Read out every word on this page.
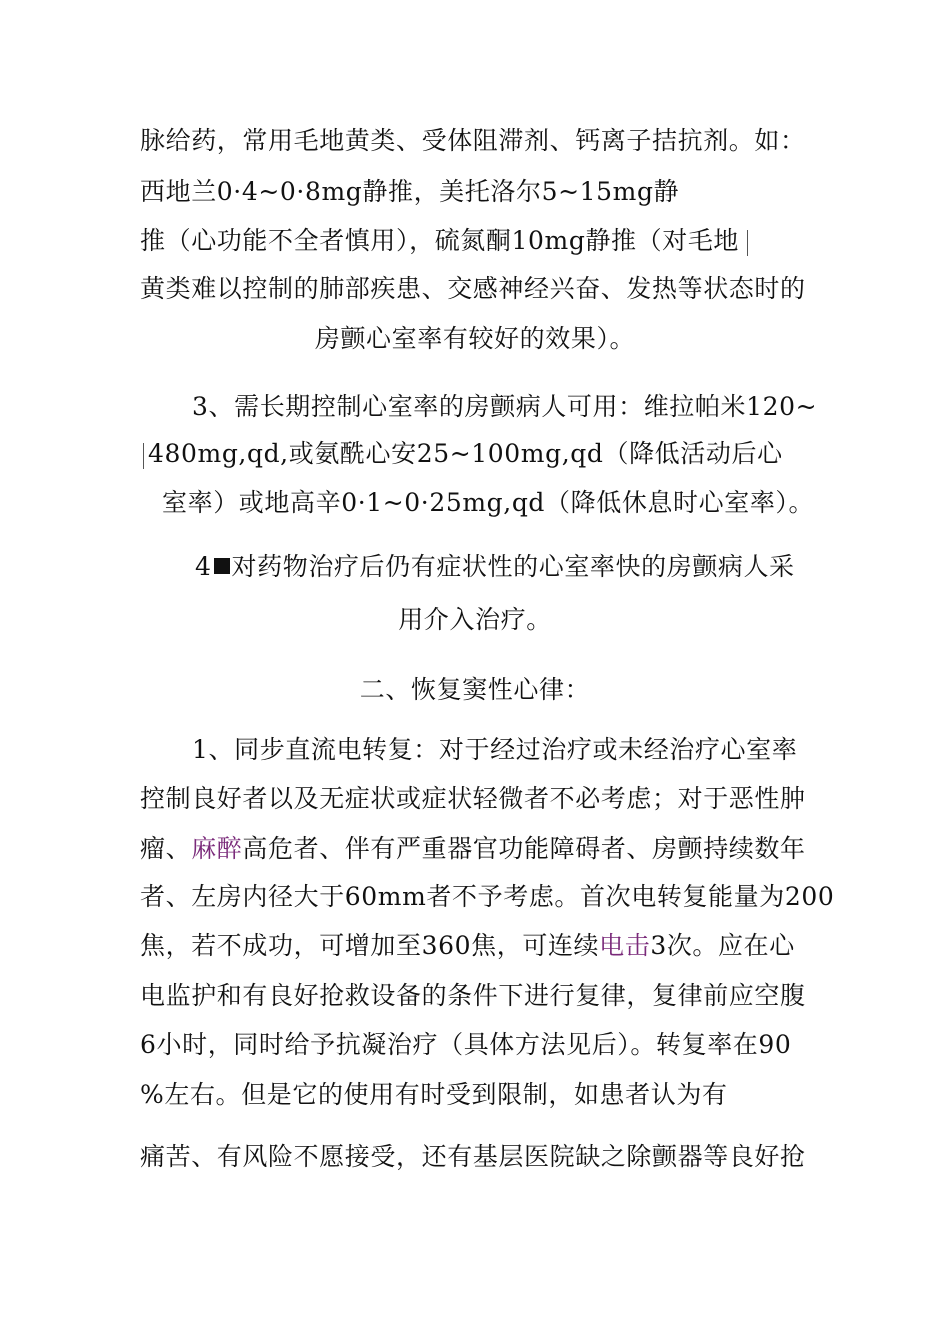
脉给药，常用毛地黄类、受体阻滞剂、钙离子拮抗剂。如：
西地兰0·4~0·8mg静推，美托洛尔5~15mg静
推（心功能不全者慎用），硫氮酮10mg静推（对毛地
黄类难以控制的肺部疾患、交感神经兴奋、发热等状态时的
房颤心室率有较好的效果）。
3、需长期控制心室率的房颤病人可用：维拉帕米120~
480mg,qd,或氨酰心安25~100mg,qd（降低活动后心
室率）或地高辛0·1~0·25mg,qd（降低休息时心室率）。
4 对药物治疗后仍有症状性的心室率快的房颤病人采
用介入治疗。
二、恢复窦性心律：
1、同步直流电转复：对于经过治疗或未经治疗心室率
控制良好者以及无症状或症状轻微者不必考虑；对于恶性肿
瘤、麻醉高危者、伴有严重器官功能障碍者、房颤持续数年
者、左房内径大于60mm者不予考虑。首次电转复能量为200
焦，若不成功，可增加至360焦，可连续电击3次。应在心
电监护和有良好抢救设备的条件下进行复律，复律前应空腹
6小时，同时给予抗凝治疗（具体方法见后）。转复率在90
%左右。但是它的使用有时受到限制，如患者认为有
痛苦、有风险不愿接受，还有基层医院缺之除颤器等良好抢
